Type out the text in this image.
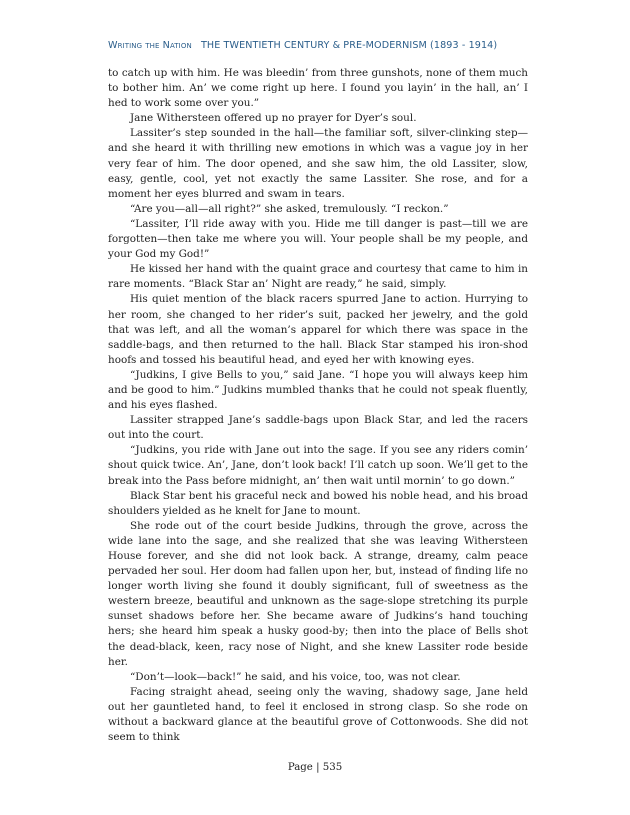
Writing the Nation THE TWENTIETH CENTURY & PRE-MODERNISM (1893 - 1914)

to catch up with him. He was bleedin’ from three gunshots, none of them much to bother him. An’ we come right up here. I found you layin’ in the hall, an’ I hed to work some over you.”

Jane Withersteen offered up no prayer for Dyer’s soul.

Lassiter’s step sounded in the hall—the familiar soft, silver-clinking step—and she heard it with thrilling new emotions in which was a vague joy in her very fear of him. The door opened, and she saw him, the old Lassiter, slow, easy, gentle, cool, yet not exactly the same Lassiter. She rose, and for a moment her eyes blurred and swam in tears.

“Are you—all—all right?” she asked, tremulously. “I reckon.”

“Lassiter, I’ll ride away with you. Hide me till danger is past—till we are forgotten—then take me where you will. Your people shall be my people, and your God my God!”

He kissed her hand with the quaint grace and courtesy that came to him in rare moments. “Black Star an’ Night are ready,” he said, simply.

His quiet mention of the black racers spurred Jane to action. Hurrying to her room, she changed to her rider’s suit, packed her jewelry, and the gold that was left, and all the woman’s apparel for which there was space in the saddle-bags, and then returned to the hall. Black Star stamped his iron-shod hoofs and tossed his beautiful head, and eyed her with knowing eyes.

“Judkins, I give Bells to you,” said Jane. “I hope you will always keep him and be good to him.” Judkins mumbled thanks that he could not speak fluently, and his eyes flashed.

Lassiter strapped Jane’s saddle-bags upon Black Star, and led the racers out into the court.

“Judkins, you ride with Jane out into the sage. If you see any riders comin’ shout quick twice. An’, Jane, don’t look back! I’ll catch up soon. We’ll get to the break into the Pass before midnight, an’ then wait until mornin’ to go down.”

Black Star bent his graceful neck and bowed his noble head, and his broad shoulders yielded as he knelt for Jane to mount.

She rode out of the court beside Judkins, through the grove, across the wide lane into the sage, and she realized that she was leaving Withersteen House forever, and she did not look back. A strange, dreamy, calm peace pervaded her soul. Her doom had fallen upon her, but, instead of finding life no longer worth living she found it doubly significant, full of sweetness as the western breeze, beautiful and unknown as the sage-slope stretching its purple sunset shadows before her. She became aware of Judkins’s hand touching hers; she heard him speak a husky good-by; then into the place of Bells shot the dead-black, keen, racy nose of Night, and she knew Lassiter rode beside her.

“Don’t—look—back!” he said, and his voice, too, was not clear.

Facing straight ahead, seeing only the waving, shadowy sage, Jane held out her gauntleted hand, to feel it enclosed in strong clasp. So she rode on without a backward glance at the beautiful grove of Cottonwoods. She did not seem to think

Page | 535
